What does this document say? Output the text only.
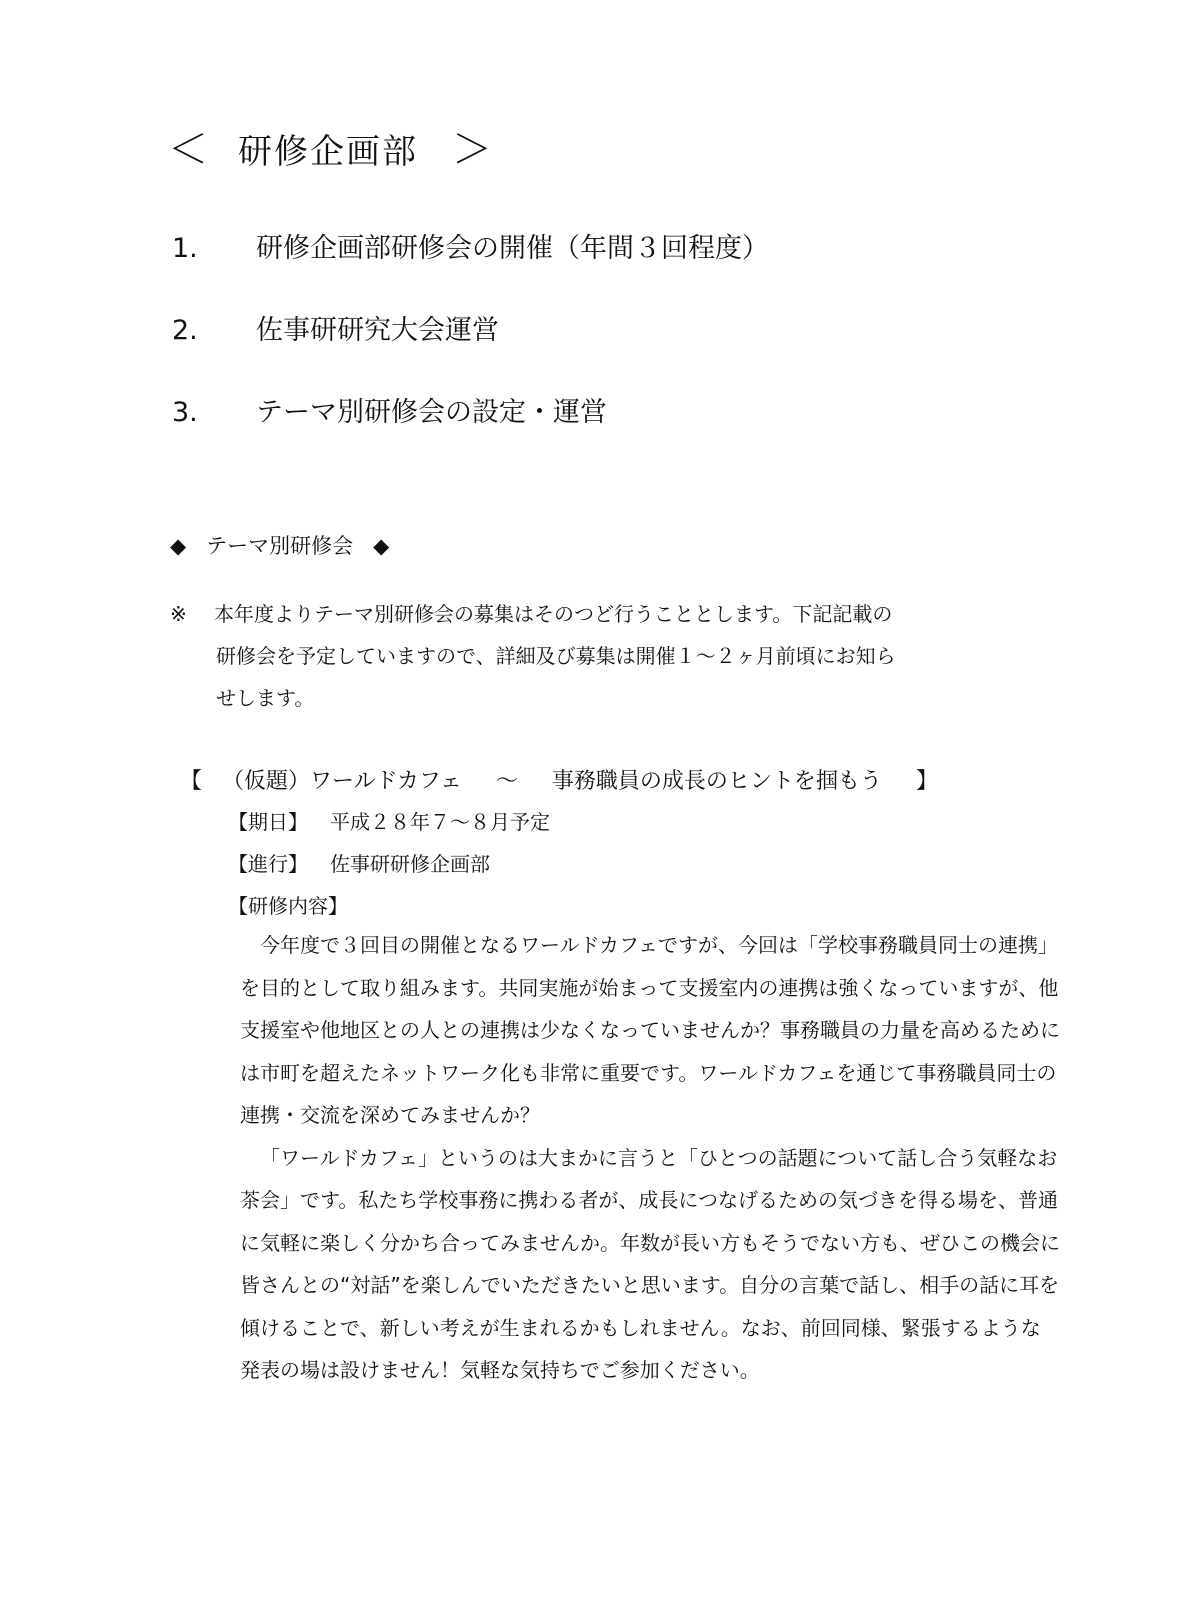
＜ 研修企画部 ＞
1. 研修企画部研修会の開催（年間３回程度）
2. 佐事研研究大会運営
3. テーマ別研修会の設定・運営
◆ テーマ別研修会 ◆
※ 本年度よりテーマ別研修会の募集はそのつど行うこととします。下記記載の
研修会を予定していますので、詳細及び募集は開催１～２ヶ月前頃にお知ら
せします。
【 （仮題）ワールドカフェ ～ 事務職員の成長のヒントを掴もう 】
【期日】 平成２８年７～８月予定
【進行】 佐事研研修企画部
【研修内容】

今年度で３回目の開催となるワールドカフェですが、今回は「学校事務職員同士の連携」を目的として取り組みます。共同実施が始まって支援室内の連携は強くなっていますが、他支援室や他地区との人との連携は少なくなっていませんか？事務職員の力量を高めるためには市町を超えたネットワーク化も非常に重要です。ワールドカフェを通じて事務職員同士の連携・交流を深めてみませんか？

「ワールドカフェ」というのは大まかに言うと「ひとつの話題について話し合う気軽なお茶会」です。私たち学校事務に携わる者が、成長につなげるための気づきを得る場を、普通に気軽に楽しく分かち合ってみませんか。年数が長い方もそうでない方も、ぜひこの機会に皆さんとの“対話”を楽しんでいただきたいと思います。自分の言葉で話し、相手の話に耳を傾けることで、新しい考えが生まれるかもしれません。なお、前回同様、緊張するような発表の場は設けません！気軽な気持ちでご参加ください。
